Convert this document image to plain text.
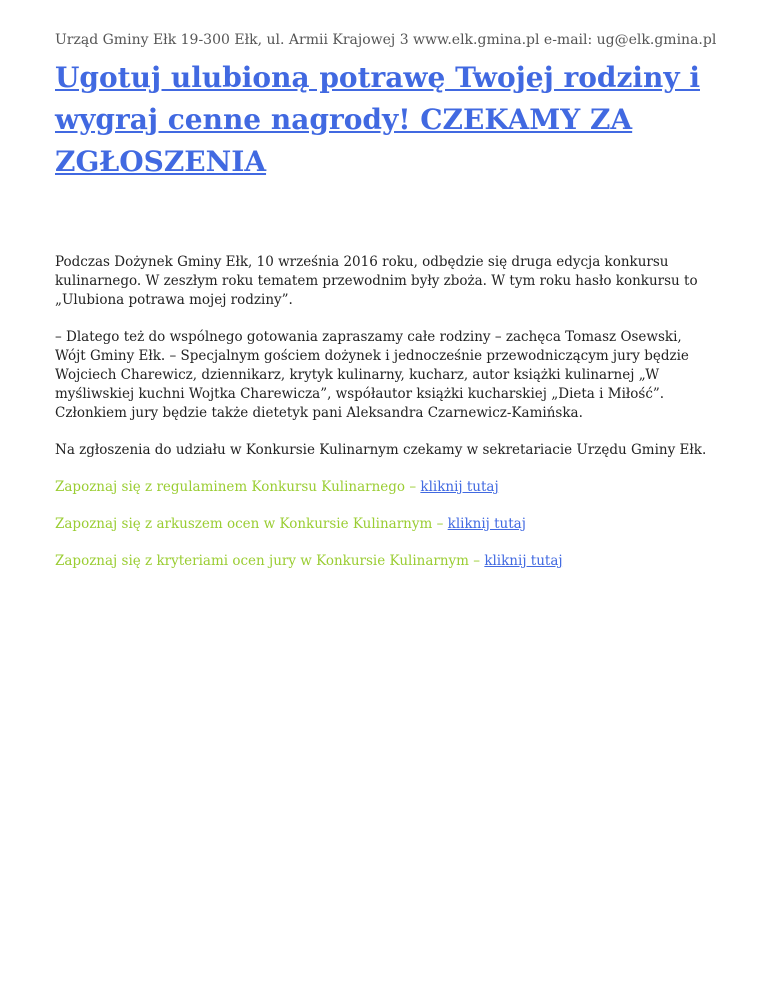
Urząd Gminy Ełk 19-300 Ełk, ul. Armii Krajowej 3 www.elk.gmina.pl e-mail: ug@elk.gmina.pl
Ugotuj ulubioną potrawę Twojej rodziny i wygraj cenne nagrody! CZEKAMY ZA ZGŁOSZENIA

Podczas Dożynek Gminy Ełk, 10 września 2016 roku, odbędzie się druga edycja konkursu kulinarnego. W zeszłym roku tematem przewodnim były zboża. W tym roku hasło konkursu to „Ulubiona potrawa mojej rodziny”.

– Dlatego też do wspólnego gotowania zapraszamy całe rodziny – zachęca Tomasz Osewski, Wójt Gminy Ełk. – Specjalnym gościem dożynek i jednocześnie przewodniczącym jury będzie Wojciech Charewicz, dziennikarz, krytyk kulinarny, kucharz, autor książki kulinarnej „W myśliwskiej kuchni Wojtka Charewicza”, współautor książki kucharskiej „Dieta i Miłość”. Członkiem jury będzie także dietetyk pani Aleksandra Czarnewicz-Kamińska.

Na zgłoszenia do udziału w Konkursie Kulinarnym czekamy w sekretariacie Urzędu Gminy Ełk.

Zapoznaj się z regulaminem Konkursu Kulinarnego – kliknij tutaj

Zapoznaj się z arkuszem ocen w Konkursie Kulinarnym – kliknij tutaj

Zapoznaj się z kryteriami ocen jury w Konkursie Kulinarnym – kliknij tutaj
